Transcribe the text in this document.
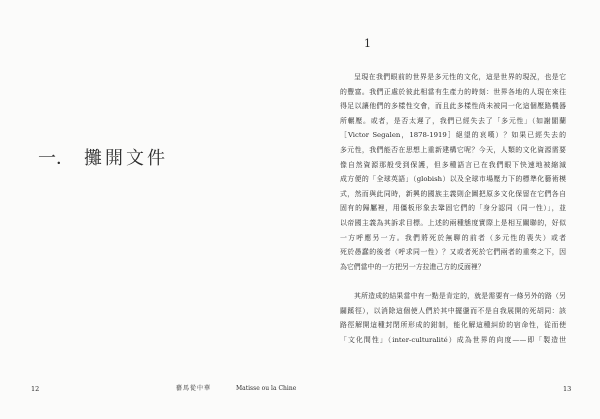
一． 攤開文件
12	藝馬從中華	Matisse ou la Chine
1
呈現在我們眼前的世界是多元性的文化，這是世界的現況，也是它
的豐富。我們正處於彼此相當有生產力的時刻：世界各地的人現在來往
得足以讓他們的多樣性交會，而且此多樣性尚未被同一化這個壓路機器
所輾壓。或者，是否太遲了，我們已經失去了「多元性」（如謝閣蘭
［Victor Segalen，1878-1919］絕望的哀嘆）？如果已經失去的
多元性，我們能否在思想上重新建構它呢？今天，人類的文化資源需要
像自然資源那般受到保護，但多種語言已在我們眼下快速地被縮減
成方便的「全球英語」（globish）以及全球市場壓力下的標準化藝術模
式，然而與此同時，新興的國族主義則企圖把原多文化保留在它們各自
固有的歸屬裡，用僵板形象去鞏固它們的「身分認同（同一性）」，並
以帝國主義為其訴求目標。上述的兩種態度實際上是相互關聯的，好似
一方呼應另一方。我們將死於無聊的前者（多元性的喪失）或者
死於愚蠢的後者（呼求同一性）？又或者死於它們兩者的重奏之下，因
為它們當中的一方把另一方拉進己方的反面裡？
其所造成的結果當中有一點是肯定的，就是需要有一條另外的路（另
闢蹊徑），以消除這個使人們於其中擺盪而不是自我展開的死胡同：該
路徑解開這種封閉所形成的鉗制，能化解這種糾紛的宿命性，從而使
「文化間性」（inter-culturalité）成為世界的向度——即「製造世
13
